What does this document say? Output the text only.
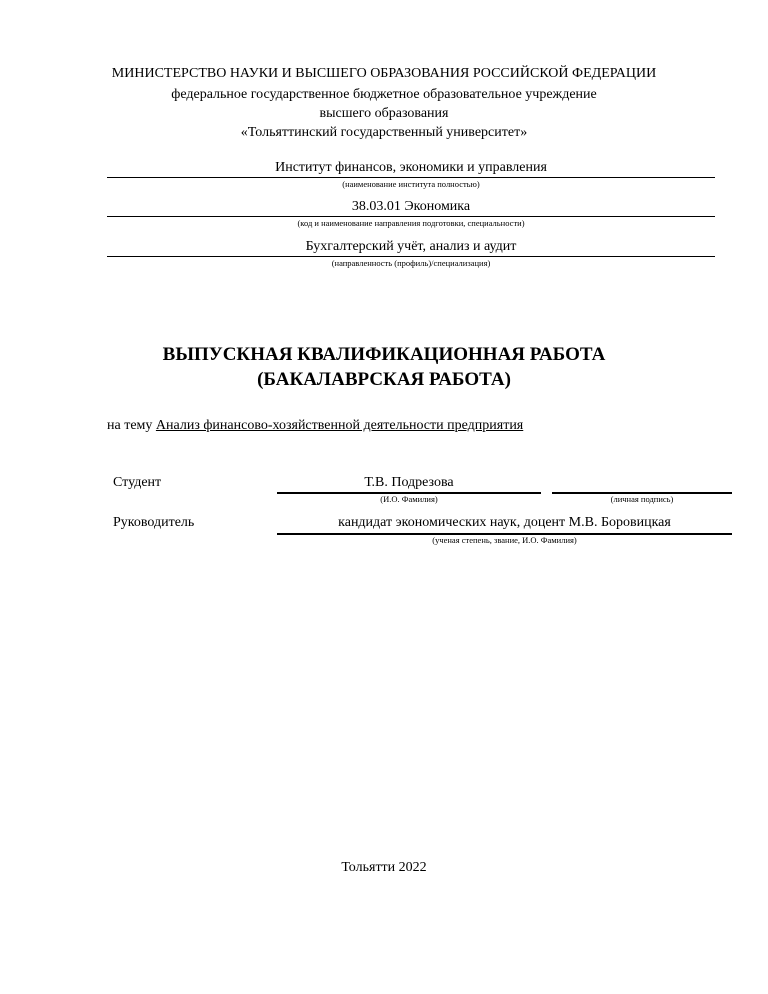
МИНИСТЕРСТВО НАУКИ И ВЫСШЕГО ОБРАЗОВАНИЯ РОССИЙСКОЙ ФЕДЕРАЦИИ
федеральное государственное бюджетное образовательное учреждение
высшего образования
«Тольяттинский государственный университет»
Институт финансов, экономики и управления
(наименование института полностью)
38.03.01 Экономика
(код и наименование направления подготовки, специальности)
Бухгалтерский учёт, анализ и аудит
(направленность (профиль)/специализация)
ВЫПУСКНАЯ КВАЛИФИКАЦИОННАЯ РАБОТА
(БАКАЛАВРСКАЯ РАБОТА)
на тему Анализ финансово-хозяйственной деятельности предприятия
Студент	Т.В. Подрезова
(И.О. Фамилия)	(личная подпись)
Руководитель	кандидат экономических наук, доцент М.В. Боровицкая
(ученая степень, звание, И.О. Фамилия)
Тольятти 2022
